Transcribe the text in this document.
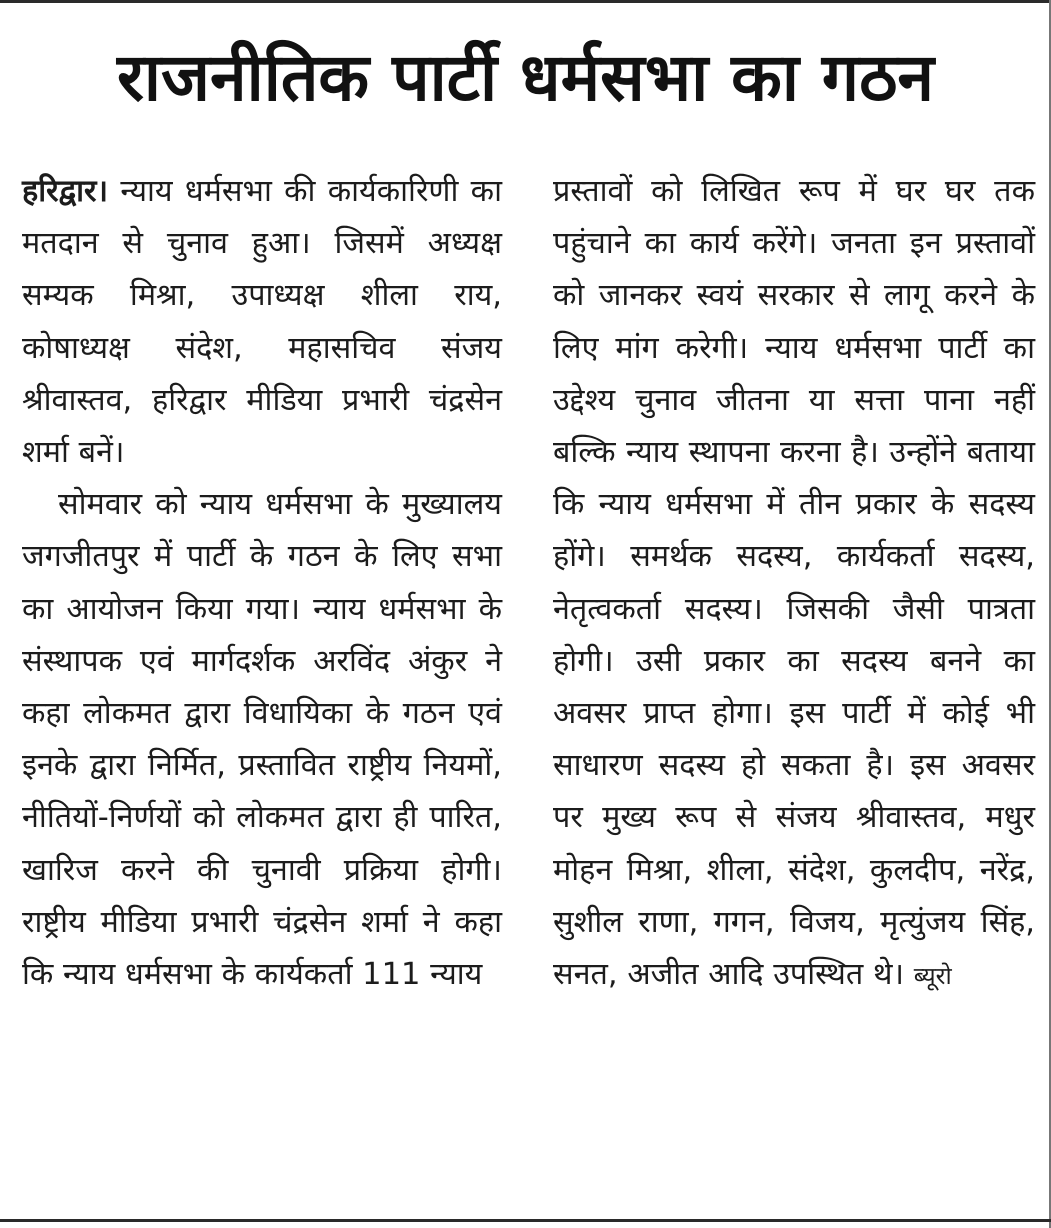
राजनीतिक पार्टी धर्मसभा का गठन

हरिद्वार। न्याय धर्मसभा की कार्यकारिणी का मतदान से चुनाव हुआ। जिसमें अध्यक्ष सम्यक मिश्रा, उपाध्यक्ष शीला राय, कोषाध्यक्ष संदेश, महासचिव संजय श्रीवास्तव, हरिद्वार मीडिया प्रभारी चंद्रसेन शर्मा बनें।

सोमवार को न्याय धर्मसभा के मुख्यालय जगजीतपुर में पार्टी के गठन के लिए सभा का आयोजन किया गया। न्याय धर्मसभा के संस्थापक एवं मार्गदर्शक अरविंद अंकुर ने कहा लोकमत द्वारा विधायिका के गठन एवं इनके द्वारा निर्मित, प्रस्तावित राष्ट्रीय नियमों, नीतियों-निर्णयों को लोकमत द्वारा ही पारित, खारिज करने की चुनावी प्रक्रिया होगी। राष्ट्रीय मीडिया प्रभारी चंद्रसेन शर्मा ने कहा कि न्याय धर्मसभा के कार्यकर्ता 111 न्याय

प्रस्तावों को लिखित रूप में घर घर तक पहुंचाने का कार्य करेंगे। जनता इन प्रस्तावों को जानकर स्वयं सरकार से लागू करने के लिए मांग करेगी। न्याय धर्मसभा पार्टी का उद्देश्य चुनाव जीतना या सत्ता पाना नहीं बल्कि न्याय स्थापना करना है। उन्होंने बताया कि न्याय धर्मसभा में तीन प्रकार के सदस्य होंगे। समर्थक सदस्य, कार्यकर्ता सदस्य, नेतृत्वकर्ता सदस्य। जिसकी जैसी पात्रता होगी। उसी प्रकार का सदस्य बनने का अवसर प्राप्त होगा। इस पार्टी में कोई भी साधारण सदस्य हो सकता है। इस अवसर पर मुख्य रूप से संजय श्रीवास्तव, मधुर मोहन मिश्रा, शीला, संदेश, कुलदीप, नरेंद्र, सुशील राणा, गगन, विजय, मृत्युंजय सिंह, सनत, अजीत आदि उपस्थित थे। ब्यूरो
